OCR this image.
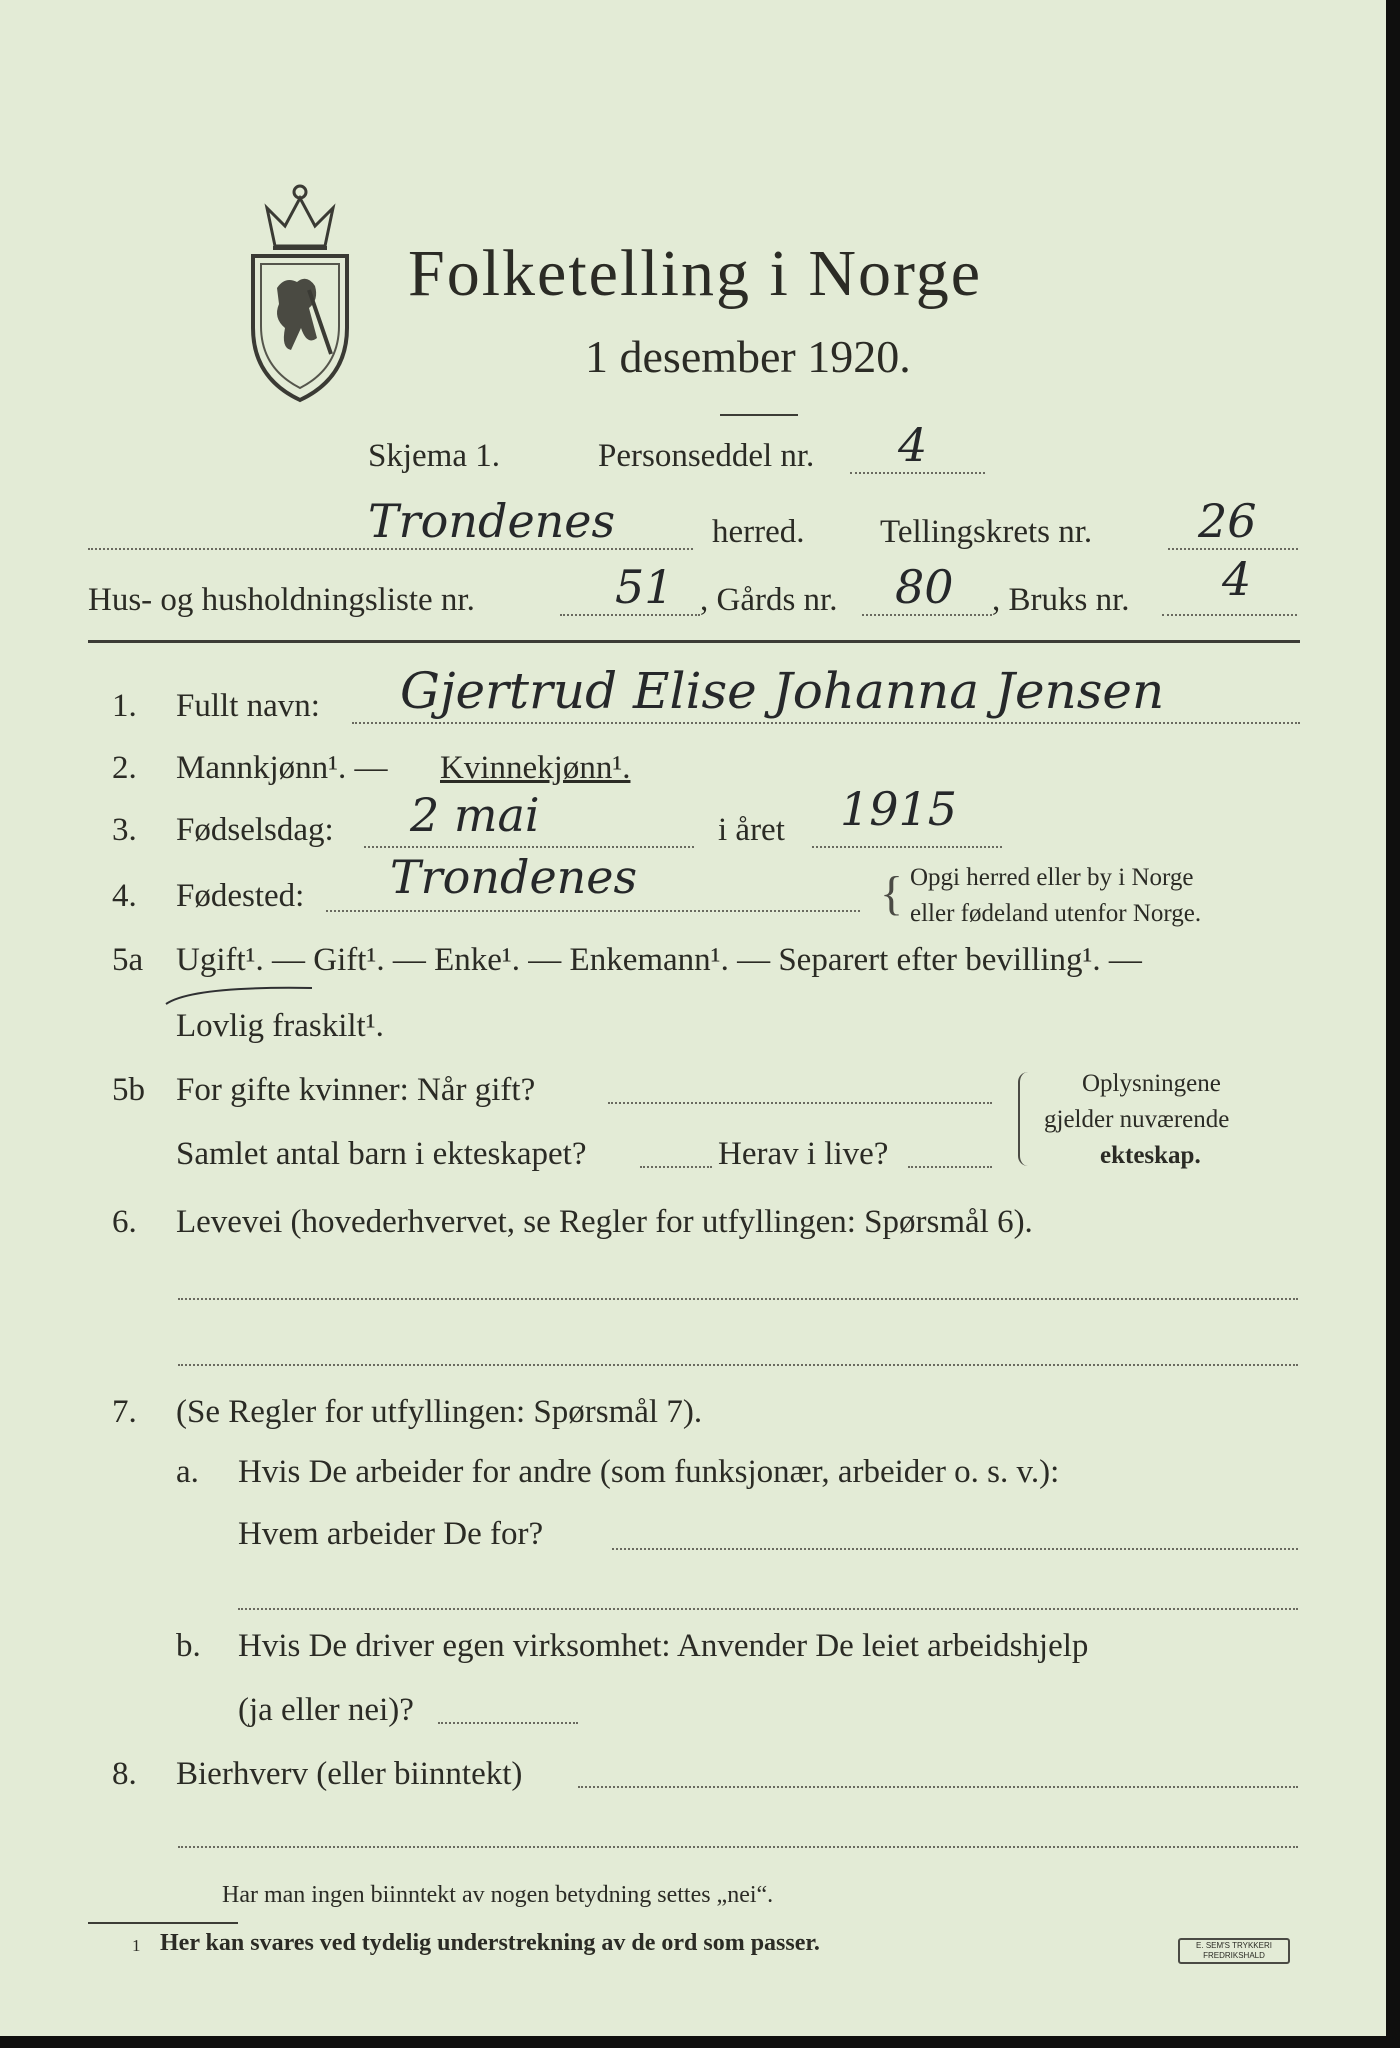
Folketelling i Norge
1 desember 1920.
Skjema 1.	Personseddel nr. 4
Trondenes	herred. Tellingskrets nr. 26
Hus- og husholdningsliste nr.	51 , Gårds nr. 80 , Bruks nr. 4
1. Fullt navn: Gjertrud Elise Johanna Jensen
2. Mannkjønn¹. — Kvinnekjønn¹.
3. Fødselsdag: 2 mai	i året 1915
4. Fødested: Trondenes	{ Opgi herred eller by i Norge
eller fødeland utenfor Norge.
5a Ugift¹. — Gift¹. — Enke¹. — Enkemann¹. — Separert efter bevilling¹. —
Lovlig fraskilt¹.
5b For gifte kvinner: Når gift?
Samlet antal barn i ekteskapet?	Herav i live?
Oplysningene
gjelder nuværende
ekteskap.
6. Levevei (hovederhvervet, se Regler for utfyllingen: Spørsmål 6).
7. (Se Regler for utfyllingen: Spørsmål 7).
a. Hvis De arbeider for andre (som funksjonær, arbeider o. s. v.):
Hvem arbeider De for?
b. Hvis De driver egen virksomhet: Anvender De leiet arbeidshjelp
(ja eller nei)?
8. Bierhverv (eller biinntekt)
Har man ingen biinntekt av nogen betydning settes „nei“.
1 Her kan svares ved tydelig understrekning av de ord som passer.	E. SEM'S TRYKKERI FREDRIKSHALD
